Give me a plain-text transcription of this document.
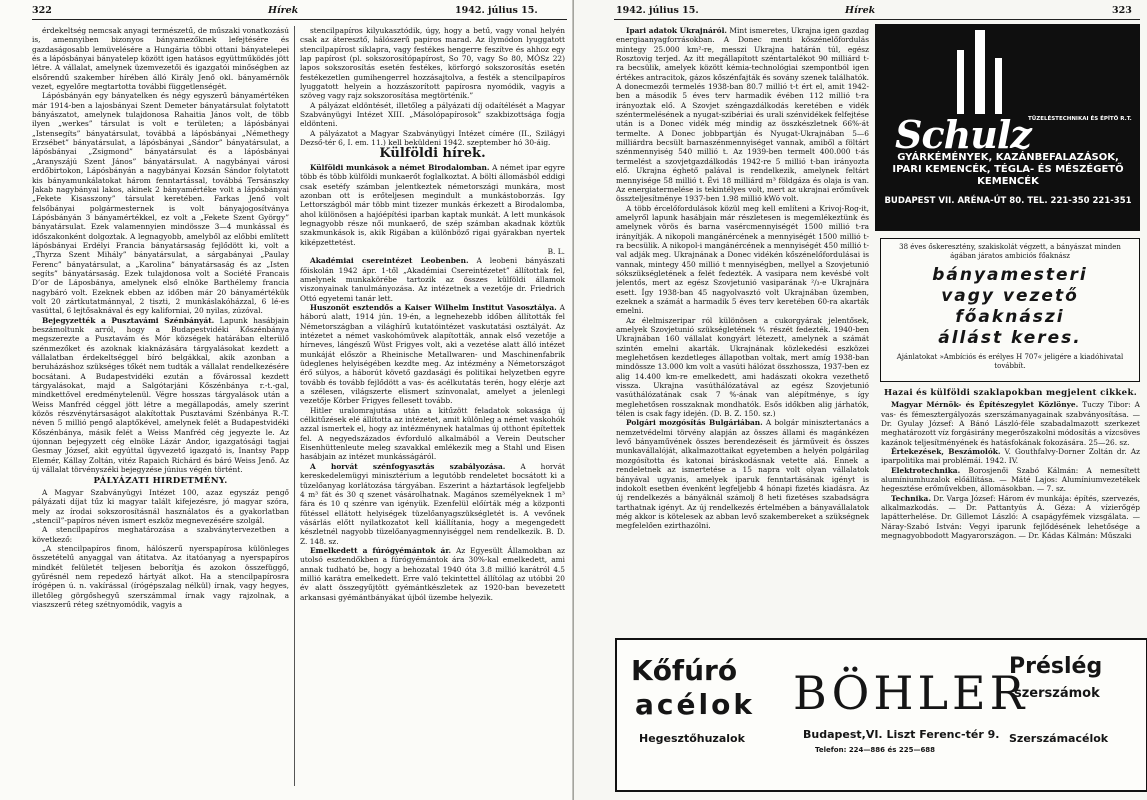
322	Hírek	1942. július 15.

érdekeltség nemcsak anyagi természetű, de műszaki vonatkozású is, amennyiben bizonyos bányamezőknek lefejtésére és gazdaságosabb lemüvelésére a Hungária többi ottani bányatelepei és a lápósbányai bányatelep között igen hatásos együttműködés jött létre. A vállalat, amelynek üzemvezetői és igazgatói minőségben az elsőrendű szakember hírében álló Király Jenő okl. bányamérnök vezet, egyelőre megtartotta további függetlenségét.

Lápósbányán egy bányatelken és négy egyszerű bányamértéken már 1914-ben a lajosbányai Szent Demeter bányatársulat folytatott bányászatot, amelynek tulajdonosa Rahaitia János volt, de több ilyen „werkes” társulat is volt e területen; a lápósbányai „Istensegíts” bányatársulat, továbbá a lápósbányai „Némethegy Erzsébet” bányatársulat, a lápósbányai „Sándor” bányatársulat, a lápósbányai „Zsigmond” bányatársulat és a lápósbányai „Aranyszájú Szent János” bányatársulat. A nagybányai városi erdőbirtokon, Lápósbányán a nagybányai Kozsán Sándor folytatott kis bányamunkálatokat három fenntartással, továbbá Tersánszky Jakab nagybányai lakos, akinek 2 bányamértéke volt a lápósbányai „Fekete Kisasszony” társulat keretében. Farkas Jenő volt felsőbányai polgármesternek is volt bányajogosítványa Lápósbányán 3 bányamértékkel, ez volt a „Fekete Szent György” bányatársulat. Ezek valamennyien mindössze 3—4 munkással és időszakonként dolgoztak. A legnagyobb, amelyből az előbbi említett lápósbányai Erdélyi Francia bányatársaság fejlődött ki, volt a „Thyrza Szent Mihály” bányatársulat, a sárgabányai „Paulay Ferenc” bányatársulat, a „Karolina” bányatársaság és az „Isten segíts” bányatársaság. Ezek tulajdonosa volt a Société Francais D’or de Láposbánya, amelynek első elnöke Barthélemy francia nagybáró volt. Ezeknek ebben az időben már 20 bányamértékük volt 20 zártkutatmánnyal, 2 tiszti, 2 munkáslakóházzal, 6 lé-es vasúttal, 6 lejtősaknával és egy kaliforniai, 20 nyilas, zúzóval.

Bejegyzették a Pusztavámi Szénbányát. Lapunk hasábjain beszámoltunk arról, hogy a Budapestvidéki Kőszénbánya megszerezte a Pusztavám és Mór községek határában elterülő szénmezőket és azoknak kiaknázására tárgyalásokat kezdett a vállalatban érdekeltséggel bíró belgákkal, akik azonban a beruházáshoz szükséges tőkét nem tudták a vállalat rendelkezésére bocsátani. A Budapestvidéki ezután a fővárossal kezdett tárgyalásokat, majd a Salgótarjáni Kőszénbánya r.-t.-gal, mindkettővel eredménytelenül. Végre hosszas tárgyalások után a Weiss Manfréd céggel jött létre a megállapodás, amely szerint közös részvénytársaságot alakítottak Pusztavámi Szénbánya R.-T. néven 5 millió pengő alaptőkével, amelynek felét a Budapestvidéki Kőszénbánya, másik felét a Weiss Manfréd cég jegyezte le. Az újonnan bejegyzett cég elnöke Lázár Andor, igazgatósági tagjai Gesmay József, akit egyúttal ügyvezető igazgató is, Inantsy Papp Elemér, Kállay Zoltán, vitéz Rapaich Richárd és báró Weiss Jenő. Az új vállalat törvényszéki bejegyzése június végén történt.

PÁLYÁZATI HIRDETMÉNY.

A Magyar Szabványügyi Intézet 100, azaz egyszáz pengő pályázati díjat tűz ki magyar talált kifejezésre, jó magyar szóra, mely az írodai sokszorosításnál használatos és a gyakorlatban „stencil”-papíros néven ismert eszköz megnevezésére szolgál.

A stencilpapíros meghatározása a szabványtervezetben a következő:

„A stencilpapíros finom, hálószerű nyerspapírosa különleges összetételű anyaggal van átitatva. Az itatóanyag a nyerspapíros mindkét felületét teljesen beborítja és azokon összefüggő, gyűrésnél nem repedező hártyát alkot. Ha a stencilpapírosra írógépen ú. n. vakírással (írógépszalag nélkül) írnak, vagy hegyes, illetőleg görgőshegyű szerszámmal írnak vagy rajzolnak, a viaszszerű réteg szétnyomódik, vagyis a

stencilpapíros kilyukasztódik, úgy, hogy a betű, vagy vonal helyén csak az áteresztő, hálószerű papiros marad. Az ilymódon lyuggatott stencilpapírost siklapra, vagy festékes hengerre feszítve és ahhoz egy lap papírost (pl. sokszorosítópapírost, So 70, vagy So 80, MÓSz 22) lapos sokszorosítás esetén festékes, körforgó sokszorosítás esetén festékezetlen gumihengerrel hozzásajtolva, a festék a stencilpapíros lyuggatott helyein a hozzászorított papírosra nyomódik, vagyis a szöveg vagy rajz sokszorosítása megtörténik.”

A pályázat eldöntését, illetőleg a pályázati díj odaítélését a Magyar Szabványügyi Intézet XIII. „Másolópapírosok” szakbizottsága fogja eldönteni.

A pályázatot a Magyar Szabványügyi Intézet címére (II., Szilágyi Dezső-tér 6, I. em. 11.) kell beküldeni 1942. szeptember hó 30-áig.

Külföldi hírek.

Külföldi munkások a német Birodalomban. A német ipar egyre több és több külföldi munkaerőt foglalkoztat. A bölti állomásból eddigi csak esetéfy számban jelentkeztek németországi munkára, most azonban ott is erőteljesen megindult a munkástoborzás. Igy Lettországból már több mint tizezer munkás érkezett a Birodalomba, ahol különösen a hajóépítési iparban kaptak munkát. A lett munkások legnagyobb része női munkaerő, de szép számban akadnak köztük szakmunkások is, akik Rigában a különböző rigai gyárakban nyertek kiképzettetést.

B. L.

Akadémiai csereintézet Leobenben. A leobeni bányászati főiskolán 1942 ápr. 1-től „Akadémiai Csereintézetet” állítottak fel, amelynek munkakörébe tartozik az összes külföldi államok viszonyainak tanulmányozása. Az intézetnek a vezetője dr. Friedrich Ottó egyetemi tanár lett.

Huszonöt esztendős a Kaiser Wilhelm Institut Vasosztálya. A háború alatt, 1914 jún. 19-én, a legnehezebb időben állították fel Németországban a világhírű kutatóintézet vaskutatási osztályát. Az intézetet a német vaskohómüvek alapították, annak első vezetője a hírneves, lángészű Wüst Frigyes volt, aki a vezetése alatt álló intézet munkáját először a Rheinische Metallwaren- und Maschinenfabrik üdeglenes helyiségében kezdte meg. Az intézmény a Németországot érő súlyos, a háborút követő gazdasági és politikai helyzetben egyre tovább és tovább fejlődött a vas- és acélkutatás terén, hogy elérje azt a szélesen, világszerte elismert színvonalat, amelyet a jelenlegi vezetője Körber Frigyes fellesett tovább.

Hitler uralomrajutása után a kitűzött feladatok sokasága új célkitűzések elé állította az intézetet, amit különleg a német vaskohók azzal ismertek el, hogy az intézménynek hatalmas új otthont építettek fel. A negyedszázados évforduló alkalmából a Verein Deutscher Eisenhüttenleute meleg szavakkal emlékezik meg a Stahl und Eisen hasábjain az intézet munkásságáról.

A horvát szénfogyasztás szabályozása. A horvát kereskedelemügyi minisztérium a legutóbb rendeletet bocsátott ki a tüzelőanyag korlátozása tárgyában. Eszerint a háztartások legfeljebb 4 m³ fát és 30 q szenet vásárolhatnak. Magános személyeknek 1 m³ fára és 10 q szénre van igényük. Ezenfelül előírták még a központi fűtéssel ellátott helyiségek tüzelőanyagszükségletét is. A vevőnek vásárlás előtt nyilatkozatot kell kiállítania, hogy a megengedett készletnél nagyobb tüzelőanyagmennyiséggel nem rendelkezik. B. D. Z. 148. sz.

Emelkedett a fúrógyémántok ár. Az Egyesült Államokban az utolsó esztendőkben a fúrógyémántok ára 30%-kal emelkedett, ami annak tudható be, hogy a behozatal 1940 óta 3.8 millió karátról 4.5 millió karátra emelkedett. Erre való tekintettel állítólag az utóbbi 20 év alatt összegyűjtött gyémántkészletek az 1920-ban bevezetett arkansasi gyémántbányákat újból üzembe helyezik.

1942. július 15.	Hírek	323

Ipari adatok Ukrajnáról. Mint ismeretes, Ukrajna igen gazdag energiaanyagforrásokban. A Donec menti kőszénelőfordulás mintegy 25.000 km²-re, messzi Ukrajna határán túl, egész Rosztovig terjed. Az itt megállapított széntartalékot 90 milliárd t-ra becsülik, amelyek között kémia-technológiai szempontból igen értékes antracitok, gázos kőszénfajták és sovány szenek találhatók. A donecmezői termelés 1938-ban 80.7 millió t-t ért el, amit 1942-ben a második 5 éves terv harmadik évében 112 millió t-ra irányoztak elő. A Szovjet széngazdálkodás keretében e vidék széntermelésének a nyugat-szibériai és urali szénvidékek felfejtése után is a Donec vidék még mindig az összkészletnek 66%-át termelte. A Donec jobbpartján és Nyugat-Ukrajnában 5—6 milliárdra becsült barnaszénmennyiséget vannak, amiből a föltárt szénmennyiség 540 millió t. Az 1939-ben termelt 400.000 t-ás termelést a szovjetgazdálkodás 1942-re 5 millió t-ban irányozta elő. Ukrajna éghető palával is rendelkezik, amelynek feltárt mennyisége 58 millió t. Évi 18 milliárd m³ földgáza és olaja is van. Az energiatermelése is tekintélyes volt, mert az ukrajnai erőművek összteljesítménye 1937-ben 1.98 millió kWó volt.

A több ércelőfordulások közül meg kell említeni a Krivoj-Rog-it, amelyről lapunk hasábjain már részletesen is megemlékeztünk és amelynek vörös és barna vasércmennyiségét 1500 millió t-ra irányítják. A nikopoli mangánércének a mennyiségét 1500 millió t-ra becsülik. A nikopol-i mangánércének a mennyiségét 450 millió t-val adják meg. Ukrajnának a Donec vidékén kőszénelőfordulásai is vannak, mintegy 450 millió t mennyiségben, mellyel a Szovjetunió sókszükségletének a felét fedezték. A vasipara nem kevésbé volt jelentős, mert az egész Szovjetunió vasiparának ²/₃-e Ukrajnára esett. Így 1938-ban 45 nagyolvasztó volt Ukrajnában üzemben, ezeknek a számát a harmadik 5 éves terv keretében 60-ra akarták emelni.

Az élelmiszeripar ról különösen a cukorgyárak jelentősek, amelyek Szovjetunió szükségletének ⅘ részét fedezték. 1940-ben Ukrajnában 160 vállalat kongyárt létezett, amelynek a számát szintén emelni akarták. Ukrajnának közlekedési eszközei meglehetősen kezdetleges állapotban voltak, mert amíg 1938-ban mindössze 13.000 km volt a vasúti hálózat összhossza, 1937-ben ez alig 14.400 km-re emelkedett, ami hadászati okokra vezethető vissza. Ukrajna vasúthálózatával az egész Szovjetunió vasúthálózatának csak 7 %-ának van alépítménye, s így meglehetősen rosszaknak mondhatók. Esős időkben alig járhatók, télen is csak fagy idején. (D. B. Z. 150. sz.)

Polgári mozgósítás Bulgáriában. A bolgár minisztertanács a nemzetvédelmi törvény alapján az összes állami és magánkézen levő bányaművének összes berendezéseit és járműveit és összes munkavállalóját, alkalmazottaikat egyetemben a helyén polgárilag mozgósította és katonai bíráskodásnak vetette alá. Ennek a rendeletnek az ismertetése a 15 napra volt olyan vállalatok bányával ugyanis, amelyek iparuk fenntartásának igényt is indokolt esetben évenként legfeljebb 4 hónapi fizetés kiadásra. Az új rendelkezés a bányáknál számolj 8 heti fizetéses szabadságra tarthatnak igényt. Az új rendelkezés értelmében a bányavállalatok még akkor is kötelesek az abban levő szakembereket a szükségnek megfelelően ezirthazólni.

Hazai és külföldi szaklapokban megjelent cikkek.

Magyar Mérnök- és Építészegylet Közlönye. Tuczy Tibor: A vas- és fémesztergályozás szerszámanyagainak szabványosítása. — Dr. Gyulay József: A Bánó László-féle szabadalmazott szerkezet meghatározott víz forgásirány megerőszakolni módosítás a vízcsöves kazánok teljesítményének és hatásfokának fokozására. 25—26. sz.

Értekezések, Beszámolók. V. Gouthfalvy-Dorner Zoltán dr. Az iparpolitika mai problémái. 1942. IV.

Elektrotechnika. Borosjenői Szabó Kálmán: A nemesített alumíniumhuzalok előállítása. — Máté Lajos: Alumíniumvezetékek hegesztése erőművekben, állomásokban. — 7. sz.

Technika. Dr. Varga József: Három év munkája: építés, szervezés, alkalmazkodás. — Dr. Pattantyús Á. Géza: A vízierőgép lapátterhelése. Dr. Gillemot László: A csapágyfémek vizsgálata. — Náray-Szabó István: Vegyi iparunk fejlődésének lehetősége a megnagyobbodott Magyarországon. — Dr. Kádas Kálmán: Műszaki

Schulz
TÜZELÉSTECHNIKAI ÉS ÉPÍTŐ R.T.
GYÁRKÉMÉNYEK, KAZÁNBEFALAZÁSOK, IPARI KEMENCÉK, TÉGLA- ÉS MÉSZÉGETŐ KEMENCÉK
BUDAPEST VII. ARÉNA-ÚT 80. TEL. 221-350 221-351
38 éves őskeresztény, szakiskolát végzett, a bányászat minden ágában járatos ambiciós főaknász
bányamesteri
vagy vezető
főaknászi
állást keres.
Ajánlatokat »Ambíciós és erélyes H 707« jeligére a kiadóhivatal továbbít.
Kőfúró
acélok
Hegesztőhuzalok
BÖHLER
Budapest,VI. Liszt Ferenc-tér 9.
Telefon: 224—886 és 225—688
Préslég
szerszámok
Szerszámacélok
